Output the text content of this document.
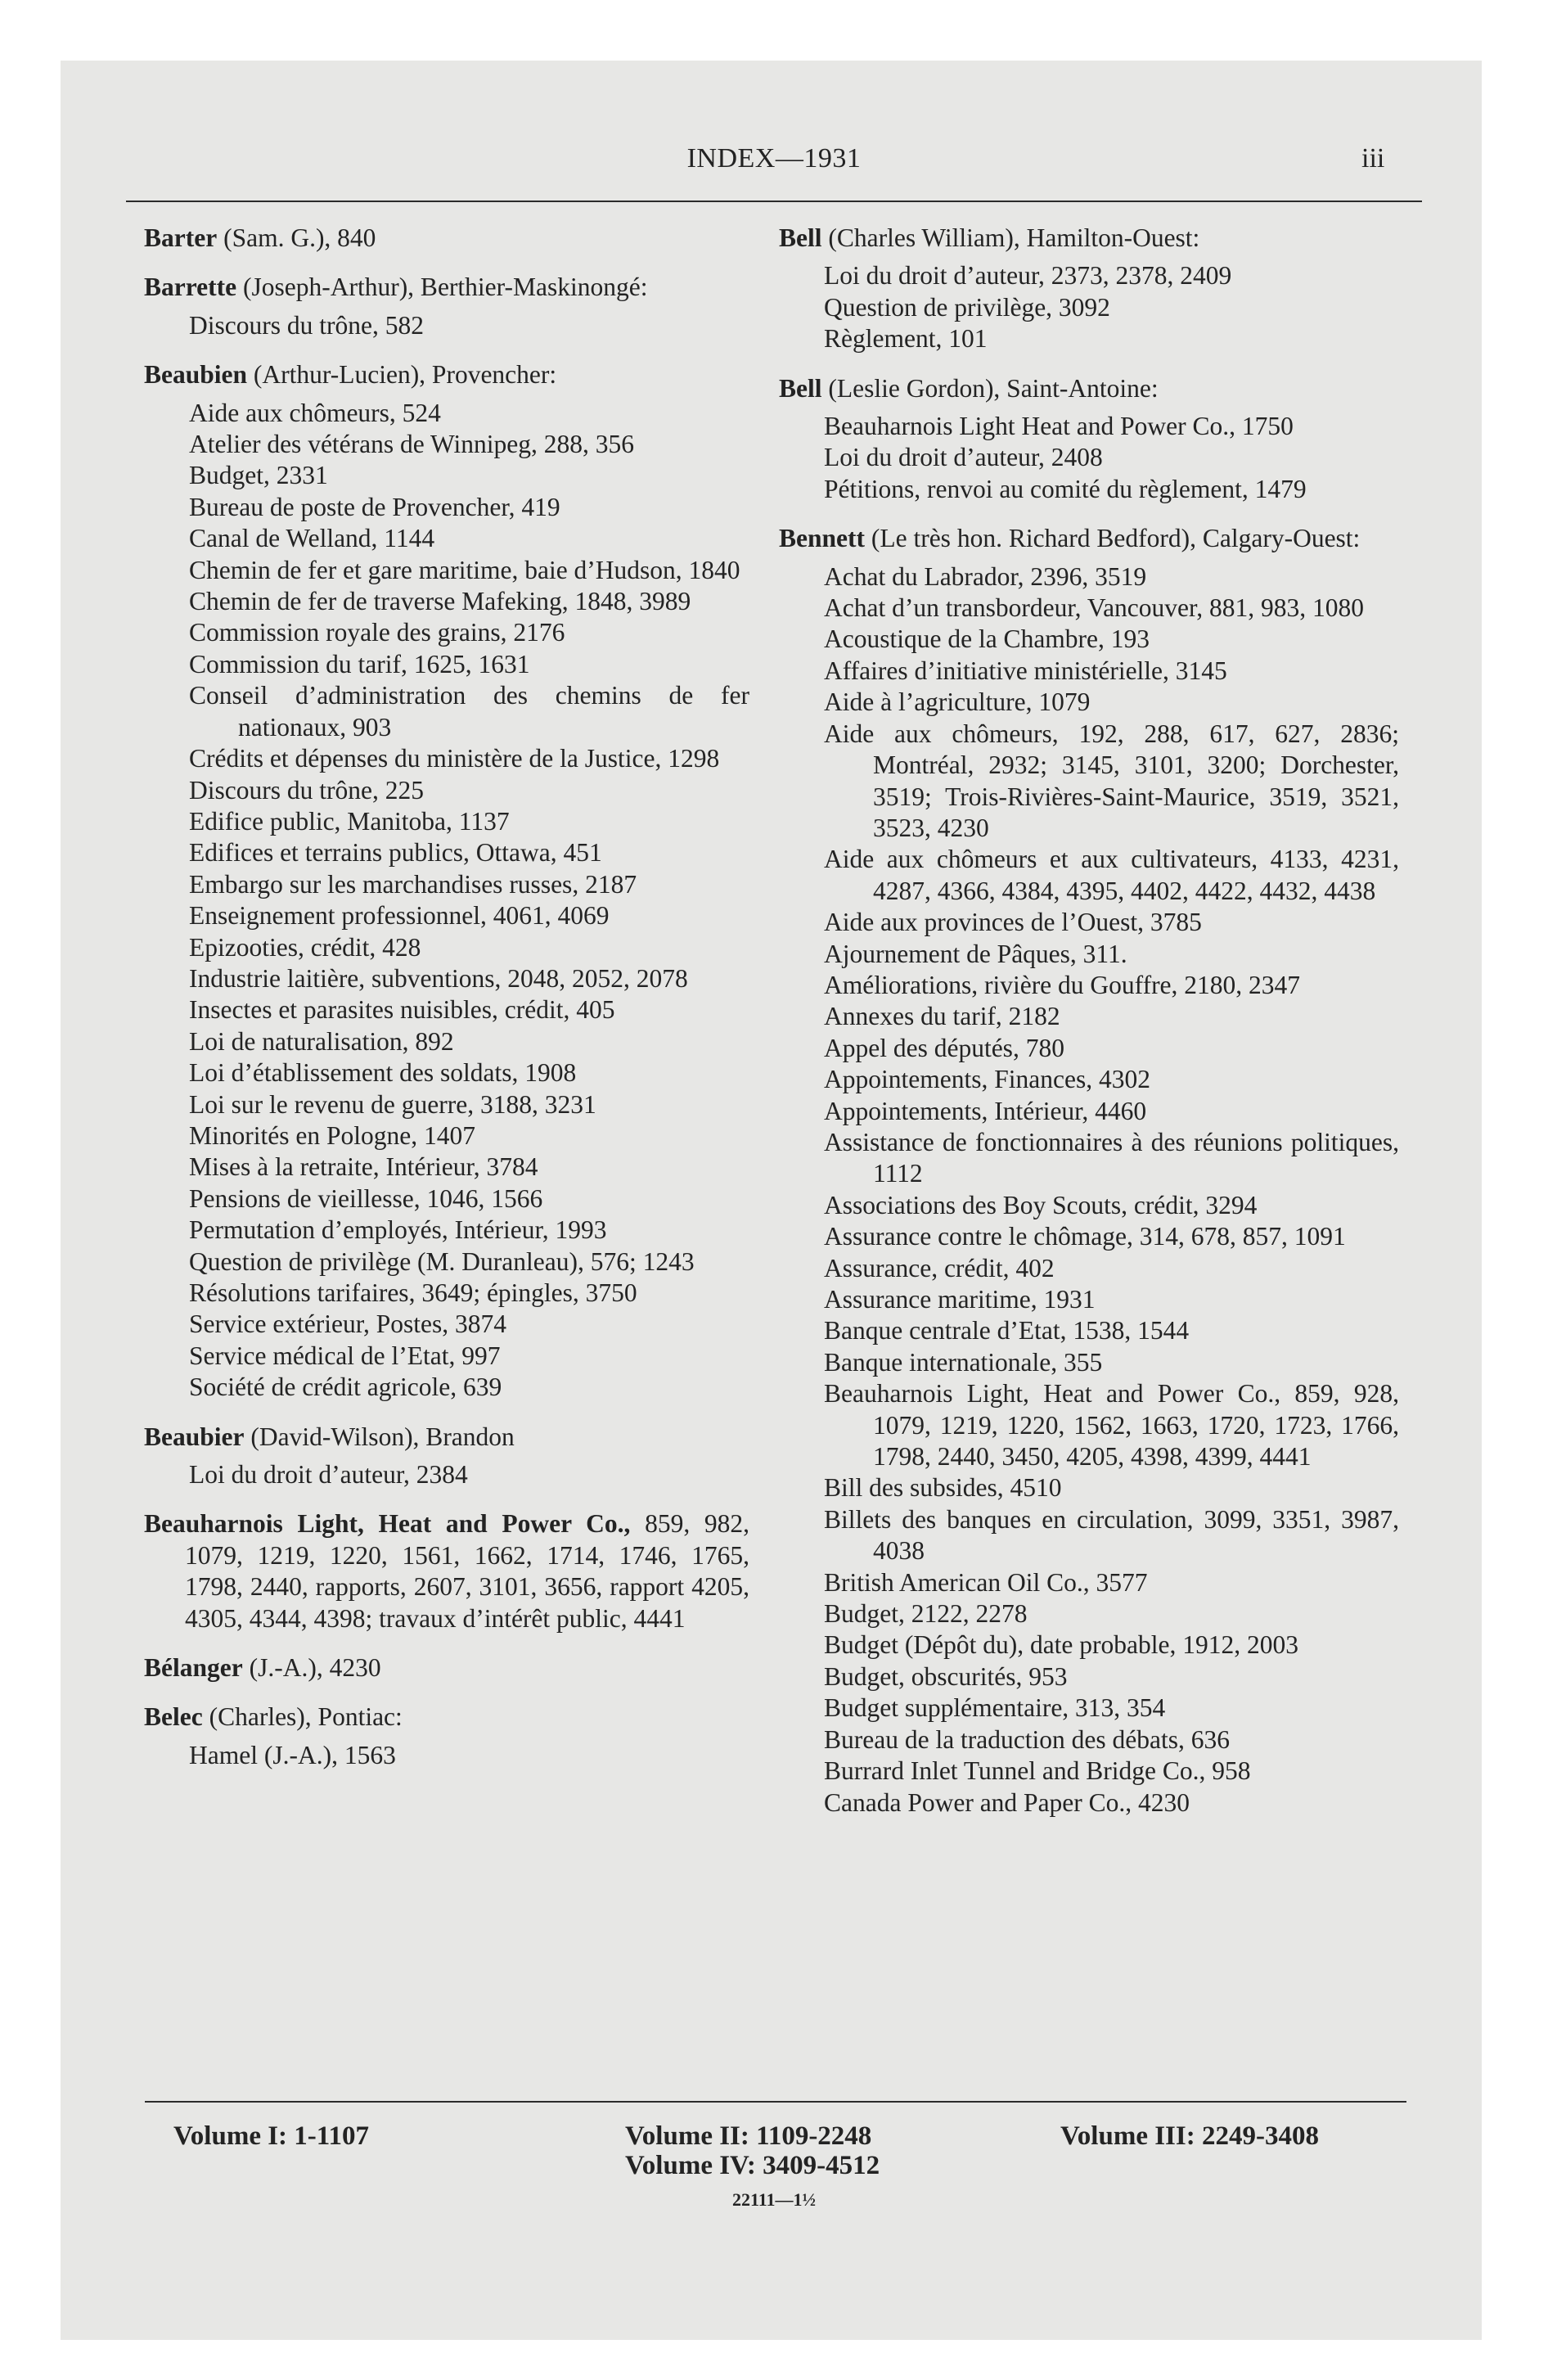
INDEX—1931	iii
Barter (Sam. G.), 840
Barrette (Joseph-Arthur), Berthier-Maskinongé:
Discours du trône, 582
Beaubien (Arthur-Lucien), Provencher:
Aide aux chômeurs, 524
Atelier des vétérans de Winnipeg, 288, 356
Budget, 2331
Bureau de poste de Provencher, 419
Canal de Welland, 1144
Chemin de fer et gare maritime, baie d’Hudson, 1840
Chemin de fer de traverse Mafeking, 1848, 3989
Commission royale des grains, 2176
Commission du tarif, 1625, 1631
Conseil d’administration des chemins de fer nationaux, 903
Crédits et dépenses du ministère de la Justice, 1298
Discours du trône, 225
Edifice public, Manitoba, 1137
Edifices et terrains publics, Ottawa, 451
Embargo sur les marchandises russes, 2187
Enseignement professionnel, 4061, 4069
Epizooties, crédit, 428
Industrie laitière, subventions, 2048, 2052, 2078
Insectes et parasites nuisibles, crédit, 405
Loi de naturalisation, 892
Loi d’établissement des soldats, 1908
Loi sur le revenu de guerre, 3188, 3231
Minorités en Pologne, 1407
Mises à la retraite, Intérieur, 3784
Pensions de vieillesse, 1046, 1566
Permutation d’employés, Intérieur, 1993
Question de privilège (M. Duranleau), 576; 1243
Résolutions tarifaires, 3649; épingles, 3750
Service extérieur, Postes, 3874
Service médical de l’Etat, 997
Société de crédit agricole, 639
Beaubier (David-Wilson), Brandon
Loi du droit d’auteur, 2384
Beauharnois Light, Heat and Power Co., 859, 982, 1079, 1219, 1220, 1561, 1662, 1714, 1746, 1765, 1798, 2440, rapports, 2607, 3101, 3656, rapport 4205, 4305, 4344, 4398; travaux d’intérêt public, 4441
Bélanger (J.-A.), 4230
Belec (Charles), Pontiac:
Hamel (J.-A.), 1563
Bell (Charles William), Hamilton-Ouest:
Loi du droit d’auteur, 2373, 2378, 2409
Question de privilège, 3092
Règlement, 101
Bell (Leslie Gordon), Saint-Antoine:
Beauharnois Light Heat and Power Co., 1750
Loi du droit d’auteur, 2408
Pétitions, renvoi au comité du règlement, 1479
Bennett (Le très hon. Richard Bedford), Calgary-Ouest:
Achat du Labrador, 2396, 3519
Achat d’un transbordeur, Vancouver, 881, 983, 1080
Acoustique de la Chambre, 193
Affaires d’initiative ministérielle, 3145
Aide à l’agriculture, 1079
Aide aux chômeurs, 192, 288, 617, 627, 2836; Montréal, 2932; 3145, 3101, 3200; Dorchester, 3519; Trois-Rivières-Saint-Maurice, 3519, 3521, 3523, 4230
Aide aux chômeurs et aux cultivateurs, 4133, 4231, 4287, 4366, 4384, 4395, 4402, 4422, 4432, 4438
Aide aux provinces de l’Ouest, 3785
Ajournement de Pâques, 311.
Améliorations, rivière du Gouffre, 2180, 2347
Annexes du tarif, 2182
Appel des députés, 780
Appointements, Finances, 4302
Appointements, Intérieur, 4460
Assistance de fonctionnaires à des réunions politiques, 1112
Associations des Boy Scouts, crédit, 3294
Assurance contre le chômage, 314, 678, 857, 1091
Assurance, crédit, 402
Assurance maritime, 1931
Banque centrale d’Etat, 1538, 1544
Banque internationale, 355
Beauharnois Light, Heat and Power Co., 859, 928, 1079, 1219, 1220, 1562, 1663, 1720, 1723, 1766, 1798, 2440, 3450, 4205, 4398, 4399, 4441
Bill des subsides, 4510
Billets des banques en circulation, 3099, 3351, 3987, 4038
British American Oil Co., 3577
Budget, 2122, 2278
Budget (Dépôt du), date probable, 1912, 2003
Budget, obscurités, 953
Budget supplémentaire, 313, 354
Bureau de la traduction des débats, 636
Burrard Inlet Tunnel and Bridge Co., 958
Canada Power and Paper Co., 4230
Volume I: 1-1107	Volume II: 1109-2248
Volume IV: 3409-4512
Volume III: 2249-3408
22111—1½
